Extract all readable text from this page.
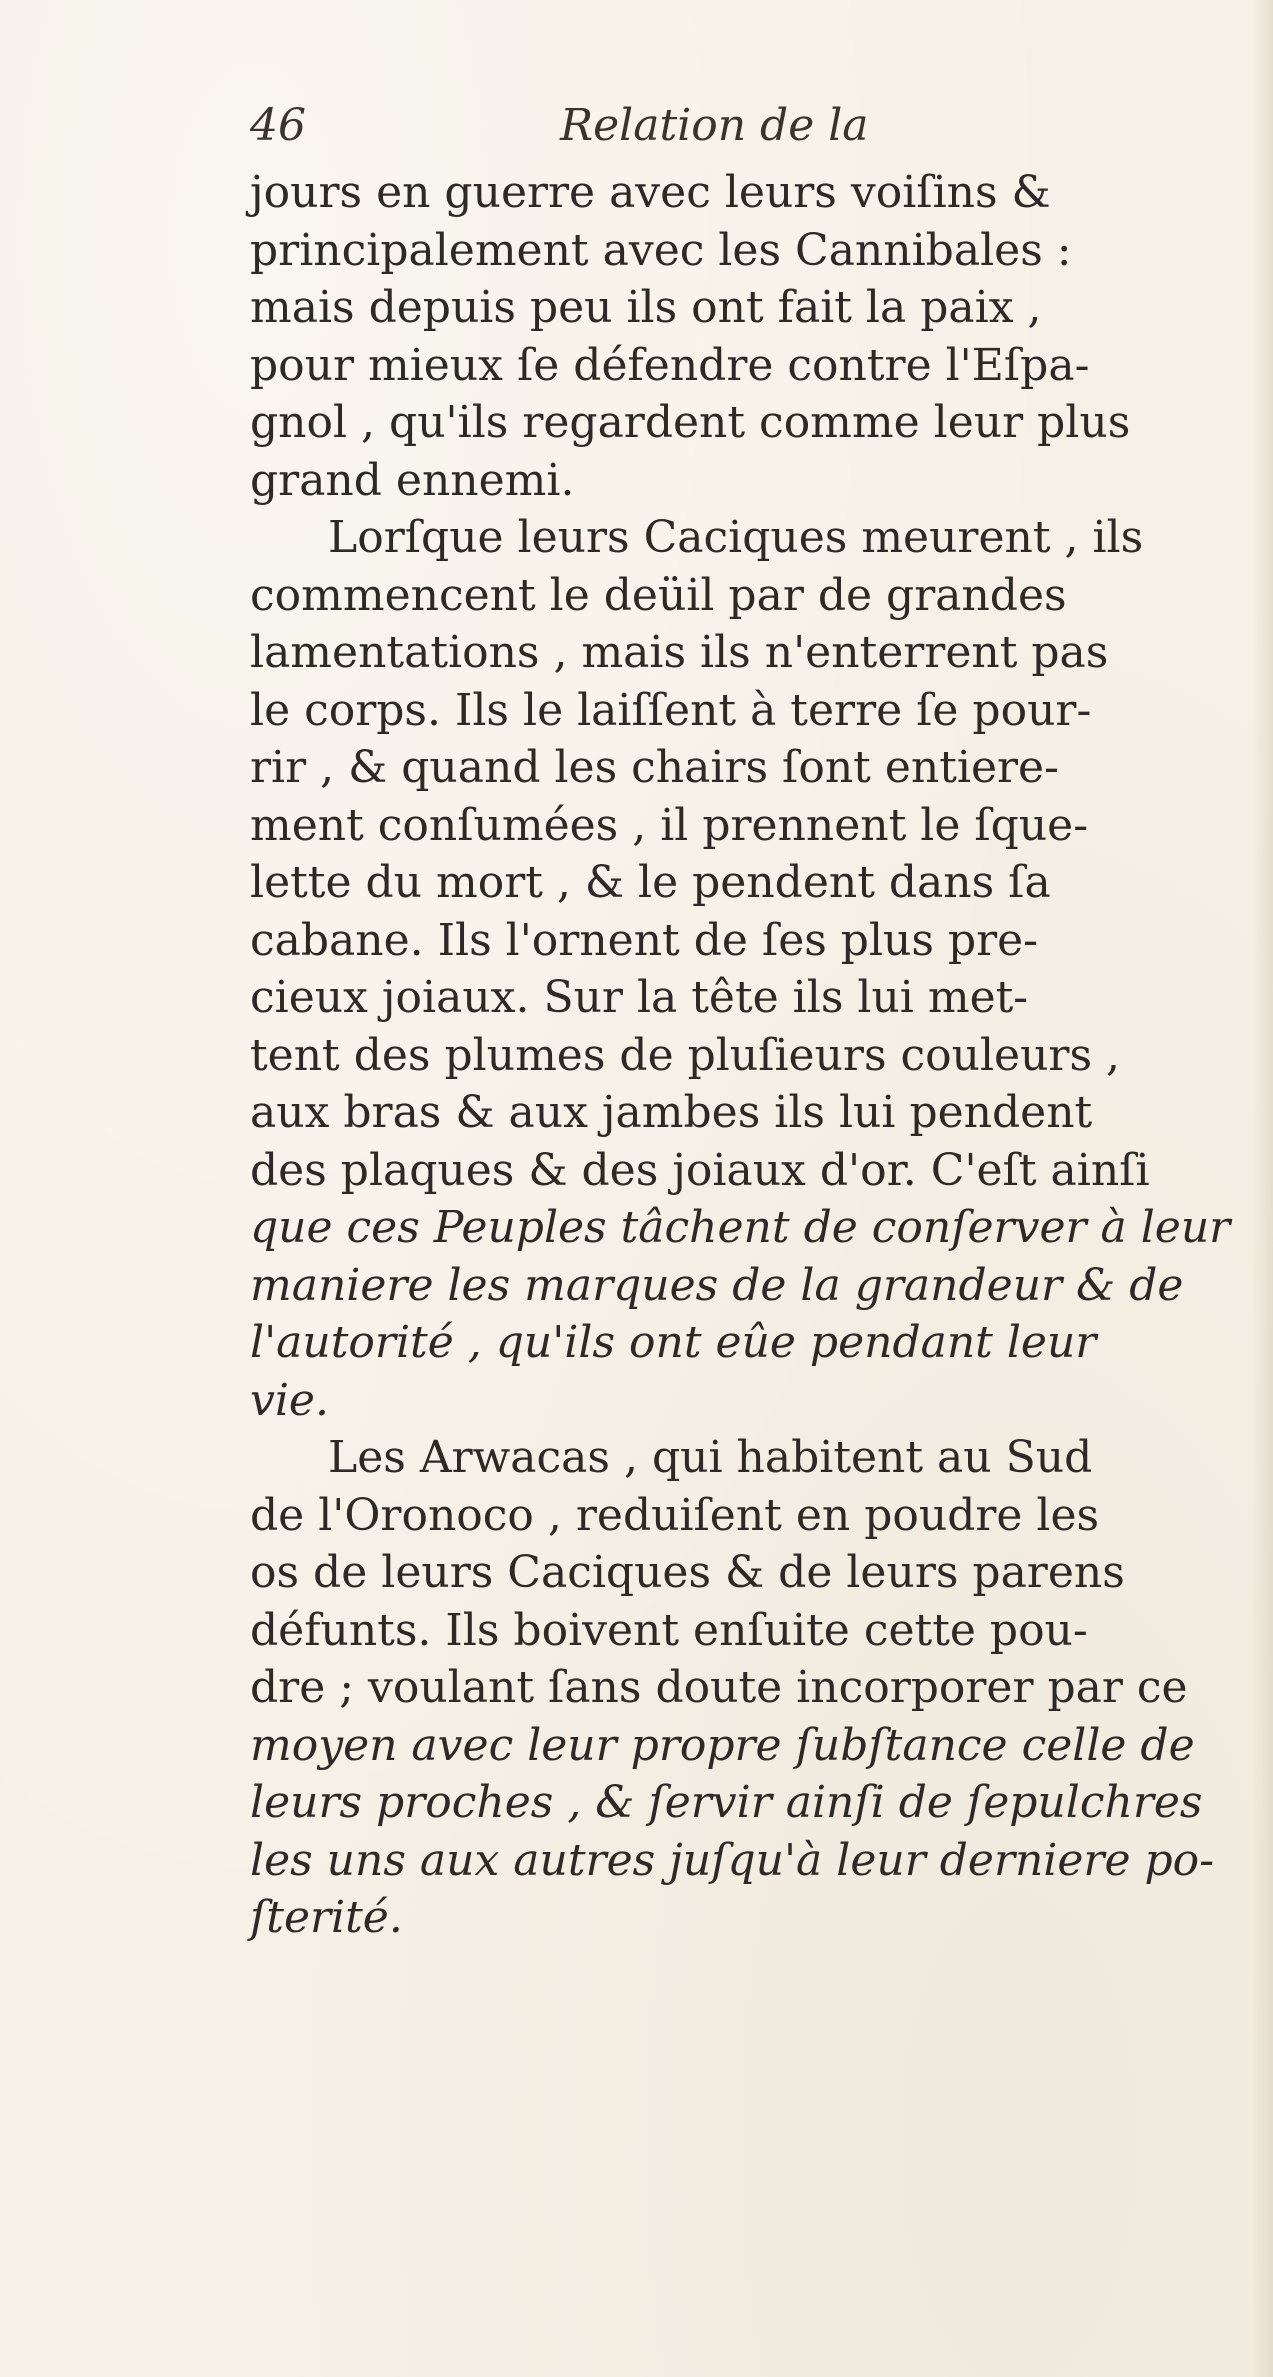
46	Relation de la

jours en guerre avec leurs voiſins &
principalement avec les Cannibales :
mais depuis peu ils ont fait la paix ,
pour mieux ſe défendre contre l'Eſpa-
gnol , qu'ils regardent comme leur plus
grand ennemi.

Lorſque leurs Caciques meurent , ils
commencent le deüil par de grandes
lamentations , mais ils n'enterrent pas
le corps. Ils le laiſſent à terre ſe pour-
rir , & quand les chairs ſont entiere-
ment conſumées , il prennent le ſque-
lette du mort , & le pendent dans ſa
cabane. Ils l'ornent de ſes plus pre-
cieux joiaux. Sur la tête ils lui met-
tent des plumes de pluſieurs couleurs ,
aux bras & aux jambes ils lui pendent
des plaques & des joiaux d'or. C'eſt ainſi
que ces Peuples tâchent de conſerver à leur
maniere les marques de la grandeur & de
l'autorité , qu'ils ont eûe pendant leur
vie.

Les Arwacas , qui habitent au Sud
de l'Oronoco , reduiſent en poudre les
os de leurs Caciques & de leurs parens
défunts. Ils boivent enſuite cette pou-
dre ; voulant ſans doute incorporer par ce
moyen avec leur propre ſubſtance celle de
leurs proches , & ſervir ainſi de ſepulchres
les uns aux autres juſqu'à leur derniere po-
ſterité.
